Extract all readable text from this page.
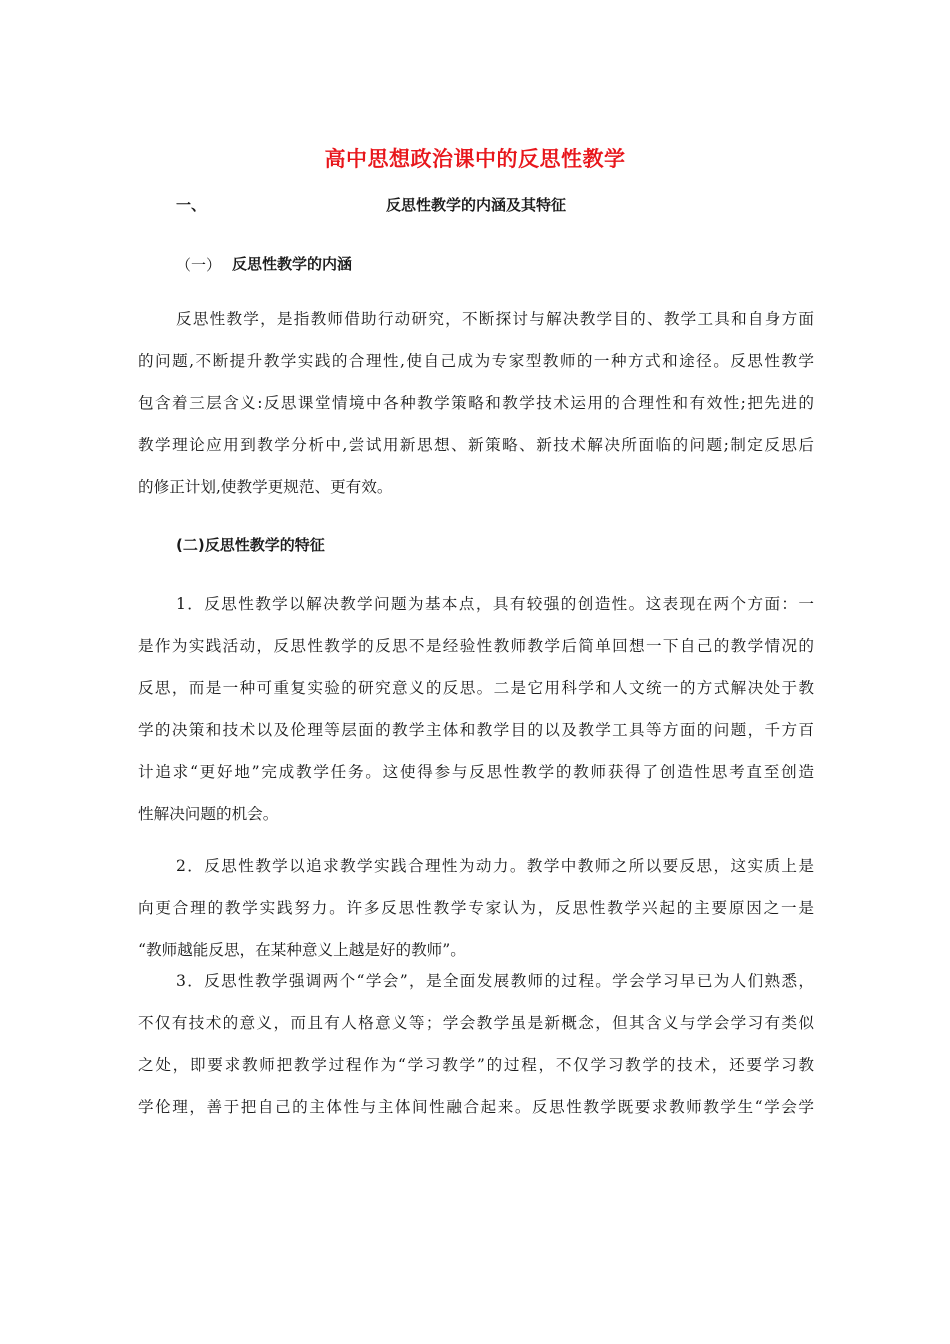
高中思想政治课中的反思性教学
一、	反思性教学的内涵及其特征
（一） 反思性教学的内涵
反思性教学，是指教师借助行动研究，不断探讨与解决教学目的、教学工具和自身方面
的问题,不断提升教学实践的合理性,使自己成为专家型教师的一种方式和途径。反思性教学
包含着三层含义:反思课堂情境中各种教学策略和教学技术运用的合理性和有效性;把先进的
教学理论应用到教学分析中,尝试用新思想、新策略、新技术解决所面临的问题;制定反思后
的修正计划,使教学更规范、更有效。
(二)反思性教学的特征
1．反思性教学以解决教学问题为基本点，具有较强的创造性。这表现在两个方面：一
是作为实践活动，反思性教学的反思不是经验性教师教学后简单回想一下自己的教学情况的
反思，而是一种可重复实验的研究意义的反思。二是它用科学和人文统一的方式解决处于教
学的决策和技术以及伦理等层面的教学主体和教学目的以及教学工具等方面的问题，千方百
计追求“更好地”完成教学任务。这使得参与反思性教学的教师获得了创造性思考直至创造
性解决问题的机会。
2．反思性教学以追求教学实践合理性为动力。教学中教师之所以要反思，这实质上是
向更合理的教学实践努力。许多反思性教学专家认为，反思性教学兴起的主要原因之一是
“教师越能反思，在某种意义上越是好的教师”。
3．反思性教学强调两个“学会”，是全面发展教师的过程。学会学习早已为人们熟悉，
不仅有技术的意义，而且有人格意义等；学会教学虽是新概念，但其含义与学会学习有类似
之处，即要求教师把教学过程作为“学习教学”的过程，不仅学习教学的技术，还要学习教
学伦理，善于把自己的主体性与主体间性融合起来。反思性教学既要求教师教学生“学会学
